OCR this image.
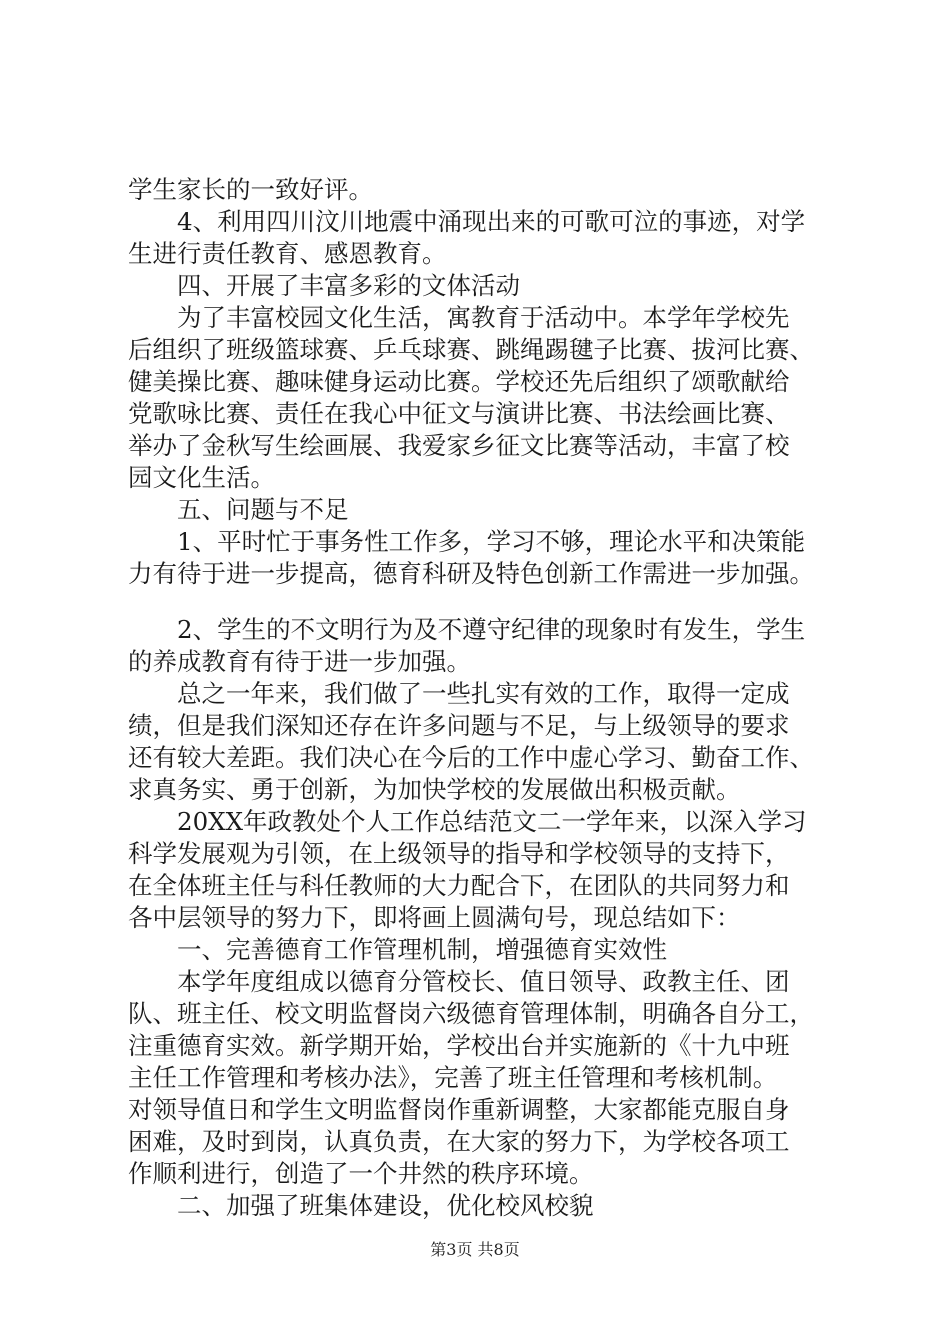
学生家长的一致好评。

　　4、利用四川汶川地震中涌现出来的可歌可泣的事迹，对学

生进行责任教育、感恩教育。

　　四、开展了丰富多彩的文体活动

　　为了丰富校园文化生活，寓教育于活动中。本学年学校先

后组织了班级篮球赛、乒乓球赛、跳绳踢毽子比赛、拔河比赛、

健美操比赛、趣味健身运动比赛。学校还先后组织了颂歌献给

党歌咏比赛、责任在我心中征文与演讲比赛、书法绘画比赛、

举办了金秋写生绘画展、我爱家乡征文比赛等活动，丰富了校

园文化生活。

　　五、问题与不足

　　1、平时忙于事务性工作多，学习不够，理论水平和决策能

力有待于进一步提高，德育科研及特色创新工作需进一步加强。

　　2、学生的不文明行为及不遵守纪律的现象时有发生，学生

的养成教育有待于进一步加强。

　　总之一年来，我们做了一些扎实有效的工作，取得一定成

绩，但是我们深知还存在许多问题与不足，与上级领导的要求

还有较大差距。我们决心在今后的工作中虚心学习、勤奋工作、

求真务实、勇于创新，为加快学校的发展做出积极贡献。

　　20XX年政教处个人工作总结范文二一学年来，以深入学习

科学发展观为引领，在上级领导的指导和学校领导的支持下，

在全体班主任与科任教师的大力配合下，在团队的共同努力和

各中层领导的努力下，即将画上圆满句号，现总结如下：

　　一、完善德育工作管理机制，增强德育实效性

　　本学年度组成以德育分管校长、值日领导、政教主任、团

队、班主任、校文明监督岗六级德育管理体制，明确各自分工，

注重德育实效。新学期开始，学校出台并实施新的《十九中班

主任工作管理和考核办法》，完善了班主任管理和考核机制。

对领导值日和学生文明监督岗作重新调整，大家都能克服自身

困难，及时到岗，认真负责，在大家的努力下，为学校各项工

作顺利进行，创造了一个井然的秩序环境。

　　二、加强了班集体建设，优化校风校貌

第3页 共8页
